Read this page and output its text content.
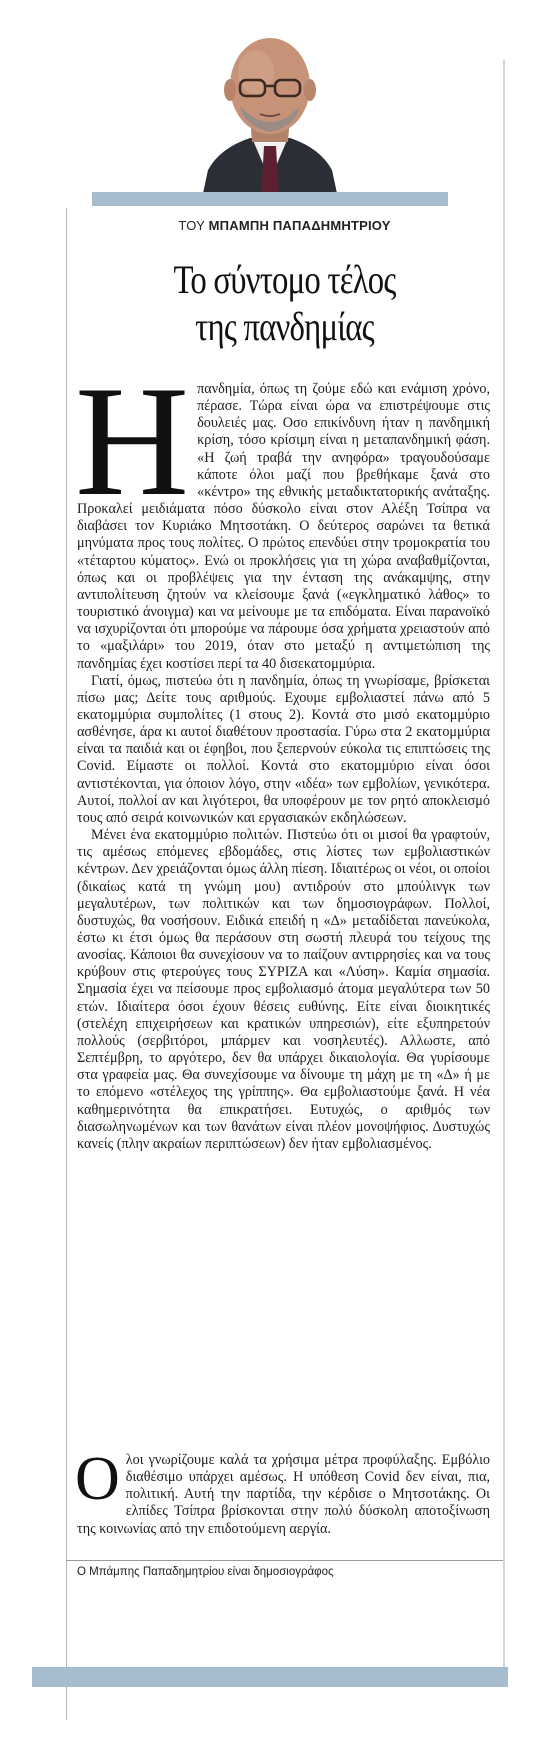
ΤΟΥ ΜΠΑΜΠΗ ΠΑΠΑΔΗΜΗΤΡΙΟΥ
Το σύντομο τέλος
της πανδημίας

Ηπανδημία, όπως τη ζούμε εδώ και ενάμιση χρόνο, πέρασε. Τώρα είναι ώρα να επιστρέψουμε στις δουλειές μας. Οσο επικίνδυνη ήταν η πανδημική κρίση, τόσο κρίσιμη είναι η μεταπανδημική φάση. «Η ζωή τραβά την ανηφόρα» τραγουδούσαμε κάποτε όλοι μαζί που βρεθήκαμε ξανά στο «κέντρο» της εθνικής μεταδικτατορικής ανάταξης. Προκαλεί μειδιάματα πόσο δύσκολο είναι στον Αλέξη Τσίπρα να διαβάσει τον Κυριάκο Μητσοτάκη. Ο δεύτερος σαρώνει τα θετικά μηνύματα προς τους πολίτες. Ο πρώτος επενδύει στην τρομοκρατία του «τέταρτου κύματος». Ενώ οι προκλήσεις για τη χώρα αναβαθμίζονται, όπως και οι προβλέψεις για την ένταση της ανάκαμψης, στην αντιπολίτευση ζητούν να κλείσουμε ξανά («εγκληματικό λάθος» το τουριστικό άνοιγμα) και να μείνουμε με τα επιδόματα. Είναι παρανοϊκό να ισχυρίζονται ότι μπορούμε να πάρουμε όσα χρήματα χρειαστούν από το «μαξιλάρι» του 2019, όταν στο μεταξύ η αντιμετώπιση της πανδημίας έχει κοστίσει περί τα 40 δισεκατομμύρια.

Γιατί, όμως, πιστεύω ότι η πανδημία, όπως τη γνωρίσαμε, βρίσκεται πίσω μας; Δείτε τους αριθμούς. Εχουμε εμβολιαστεί πάνω από 5 εκατομμύρια συμπολίτες (1 στους 2). Κοντά στο μισό εκατομμύριο ασθένησε, άρα κι αυτοί διαθέτουν προστασία. Γύρω στα 2 εκατομμύρια είναι τα παιδιά και οι έφηβοι, που ξεπερνούν εύκολα τις επιπτώσεις της Covid. Είμαστε οι πολλοί. Κοντά στο εκατομμύριο είναι όσοι αντιστέκονται, για όποιον λόγο, στην «ιδέα» των εμβολίων, γενικότερα. Αυτοί, πολλοί αν και λιγότεροι, θα υποφέρουν με τον ρητό αποκλεισμό τους από σειρά κοινωνικών και εργασιακών εκδηλώσεων.

Μένει ένα εκατομμύριο πολιτών. Πιστεύω ότι οι μισοί θα γραφτούν, τις αμέσως επόμενες εβδομάδες, στις λίστες των εμβολιαστικών κέντρων. Δεν χρειάζονται όμως άλλη πίεση. Ιδιαιτέρως οι νέοι, οι οποίοι (δικαίως κατά τη γνώμη μου) αντιδρούν στο μπούλινγκ των μεγαλυτέρων, των πολιτικών και των δημοσιογράφων. Πολλοί, δυστυχώς, θα νοσήσουν. Ειδικά επειδή η «Δ» μεταδίδεται πανεύκολα, έστω κι έτσι όμως θα περάσουν στη σωστή πλευρά του τείχους της ανοσίας. Κάποιοι θα συνεχίσουν να το παίζουν αντιρρησίες και να τους κρύβουν στις φτερούγες τους ΣΥΡΙΖΑ και «Λύση». Καμία σημασία. Σημασία έχει να πείσουμε προς εμβολιασμό άτομα μεγαλύτερα των 50 ετών. Ιδιαίτερα όσοι έχουν θέσεις ευθύνης. Είτε είναι διοικητικές (στελέχη επιχειρήσεων και κρατικών υπηρεσιών), είτε εξυπηρετούν πολλούς (σερβιτόροι, μπάρμεν και νοσηλευτές). Αλλωστε, από Σεπτέμβρη, το αργότερο, δεν θα υπάρχει δικαιολογία. Θα γυρίσουμε στα γραφεία μας. Θα συνεχίσουμε να δίνουμε τη μάχη με τη «Δ» ή με το επόμενο «στέλεχος της γρίππης». Θα εμβολιαστούμε ξανά. Η νέα καθημερινότητα θα επικρατήσει. Ευτυχώς, ο αριθμός των διασωληνωμένων και των θανάτων είναι πλέον μονοψήφιος. Δυστυχώς κανείς (πλην ακραίων περιπτώσεων) δεν ήταν εμβολιασμένος.

Ολοι γνωρίζουμε καλά τα χρήσιμα μέτρα προφύλαξης. Εμβόλιο διαθέσιμο υπάρχει αμέσως. Η υπόθεση Covid δεν είναι, πια, πολιτική. Αυτή την παρτίδα, την κέρδισε ο Μητσοτάκης. Οι ελπίδες Τσίπρα βρίσκονται στην πολύ δύσκολη αποτοξίνωση της κοινωνίας από την επιδοτούμενη αεργία.

Ο Μπάμπης Παπαδημητρίου είναι δημοσιογράφος
